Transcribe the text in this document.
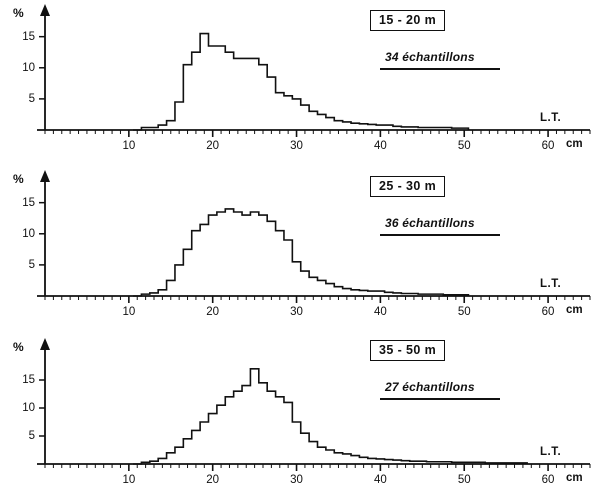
%
5
10
15
10	20	30	40	50	60
L.T.
cm
15 - 20 m
34 échantillons
%
5
10
15
10	20	30	40	50	60
L.T.
cm
25 - 30 m
36 échantillons
%
5
10
15
10	20	30	40	50	60
L.T.
cm
35 - 50 m
27 échantillons
